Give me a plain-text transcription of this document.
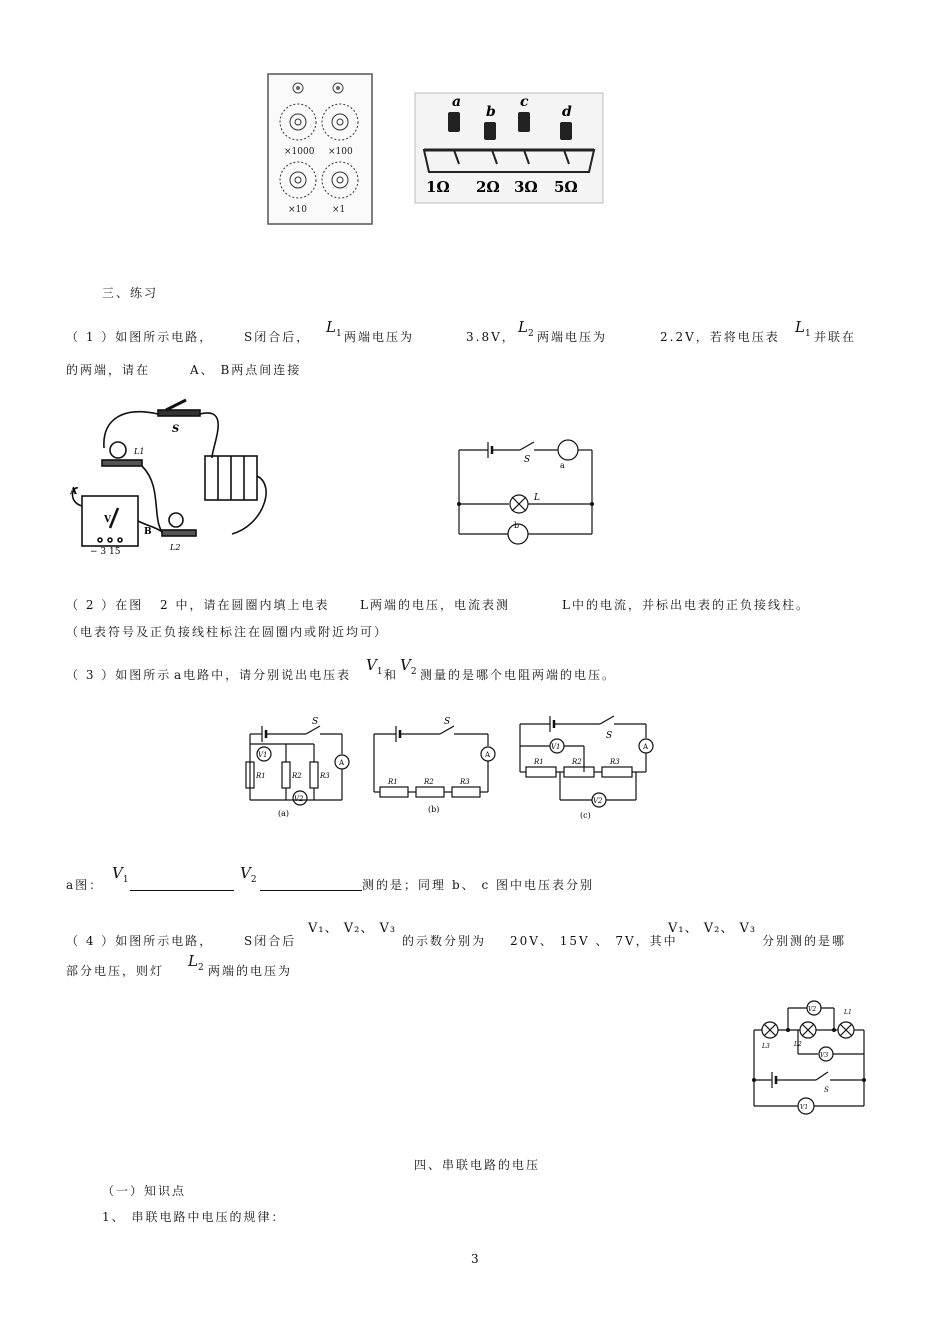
×1000 ×100
×10	×1
a
b
c
d
1Ω 2Ω 3Ω 5Ω
三、练习
（ 1 ）如图所示电路，	S闭合后，
$L_1$ 两端电压为	3.8V，
$L_2$ 两端电压为	2.2V，若将电压表
$L_1$ 并联在
的两端，请在	A、 B两点间连接
S
L1
L2
A
B
V
− 3 15
S
a
L
b
（ 2 ）在图 2 中，请在圆圈内填上电表	L两端的电压，电流表测	L中的电流，并标出电表的正负接线柱。
（电表符号及正负接线柱标注在圆圈内或附近均可）
（ 3 ）如图所示 a电路中，请分别说出电压表
$V_1$ 和
$V_2$ 测量的是哪个电阻两端的电压。
S
A
V1
R1	R2	R3
V2
(a)
S
A
R1	R2	R3
(b)
S
A
V1
R1	R2	R3
V2
(c)
a图：
$V_1$	$V_2$	测的是；同理 b、 c 图中电压表分别
（ 4 ）如图所示电路，	S闭合后
V₁、 V₂、 V₃
的示数分别为 20V、 15V 、 7V，其中
V₁、 V₂、 V₃
分别测的是哪
部分电压，则灯
$L_2$ 两端的电压为
V2	L1
L3	L2
V3
S
V1
四、串联电路的电压
（一）知识点
1、 串联电路中电压的规律：
3
